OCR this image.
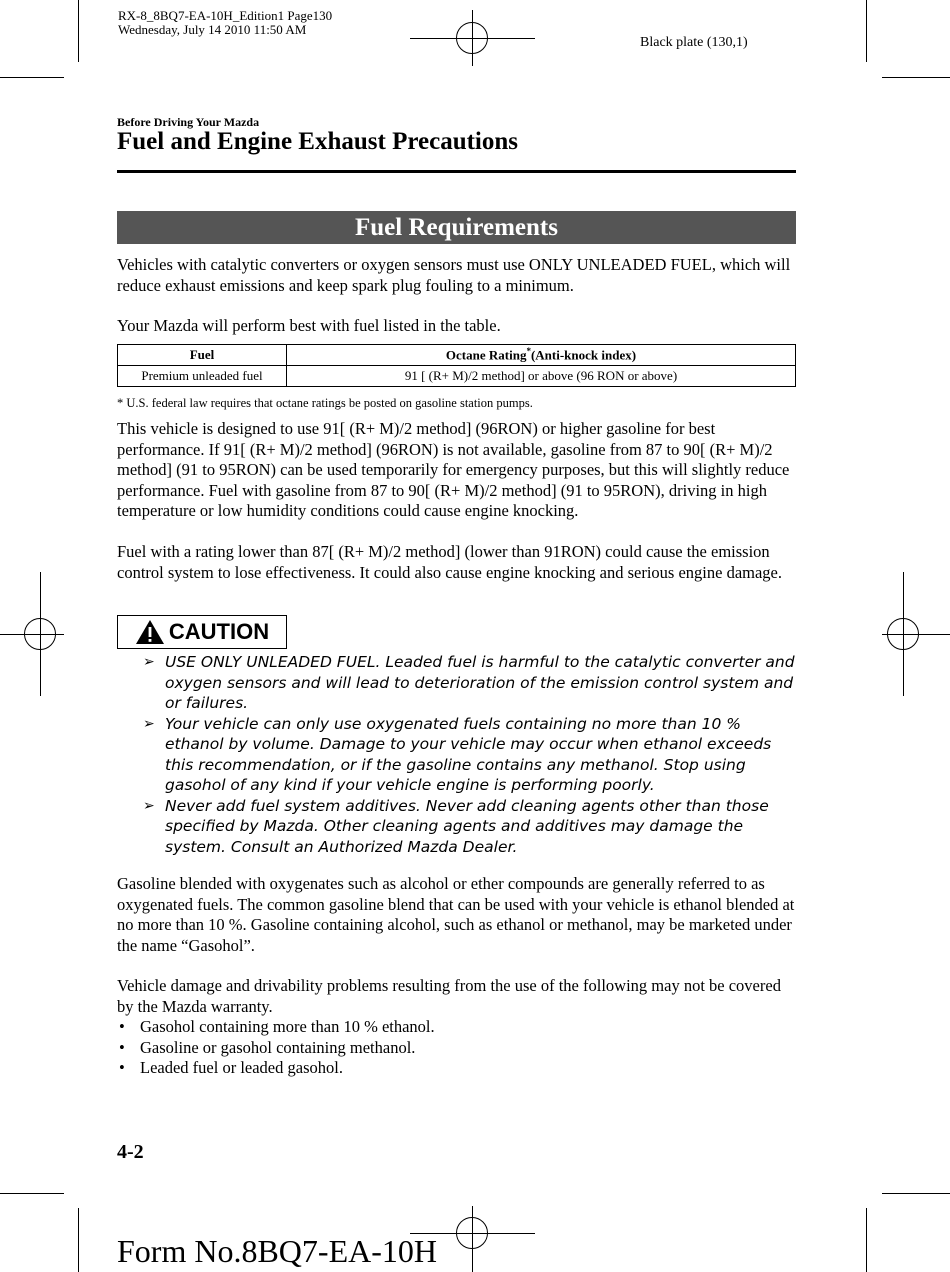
RX-8_8BQ7-EA-10H_Edition1 Page130
Wednesday, July 14 2010 11:50 AM
Black plate (130,1)
Before Driving Your Mazda
Fuel and Engine Exhaust Precautions
Fuel Requirements
Vehicles with catalytic converters or oxygen sensors must use ONLY UNLEADED FUEL, which will reduce exhaust emissions and keep spark plug fouling to a minimum.
Your Mazda will perform best with fuel listed in the table.
Fuel	Octane Rating*(Anti-knock index)
Premium unleaded fuel	91 [ (R+ M)/2 method] or above (96 RON or above)
* U.S. federal law requires that octane ratings be posted on gasoline station pumps.
This vehicle is designed to use 91[ (R+ M)/2 method] (96RON) or higher gasoline for best performance. If 91[ (R+ M)/2 method] (96RON) is not available, gasoline from 87 to 90[ (R+ M)/2 method] (91 to 95RON) can be used temporarily for emergency purposes, but this will slightly reduce performance. Fuel with gasoline from 87 to 90[ (R+ M)/2 method] (91 to 95RON), driving in high temperature or low humidity conditions could cause engine knocking.
Fuel with a rating lower than 87[ (R+ M)/2 method] (lower than 91RON) could cause the emission control system to lose effectiveness. It could also cause engine knocking and serious engine damage.
CAUTION
➢ USE ONLY UNLEADED FUEL. Leaded fuel is harmful to the catalytic converter and oxygen sensors and will lead to deterioration of the emission control system and or failures.
➢ Your vehicle can only use oxygenated fuels containing no more than 10 % ethanol by volume. Damage to your vehicle may occur when ethanol exceeds this recommendation, or if the gasoline contains any methanol. Stop using gasohol of any kind if your vehicle engine is performing poorly.
➢ Never add fuel system additives. Never add cleaning agents other than those specified by Mazda. Other cleaning agents and additives may damage the system. Consult an Authorized Mazda Dealer.
Gasoline blended with oxygenates such as alcohol or ether compounds are generally referred to as oxygenated fuels. The common gasoline blend that can be used with your vehicle is ethanol blended at no more than 10 %. Gasoline containing alcohol, such as ethanol or methanol, may be marketed under the name “Gasohol”.
Vehicle damage and drivability problems resulting from the use of the following may not be covered by the Mazda warranty.
• Gasohol containing more than 10 % ethanol.
• Gasoline or gasohol containing methanol.
• Leaded fuel or leaded gasohol.
4-2
Form No.8BQ7-EA-10H
